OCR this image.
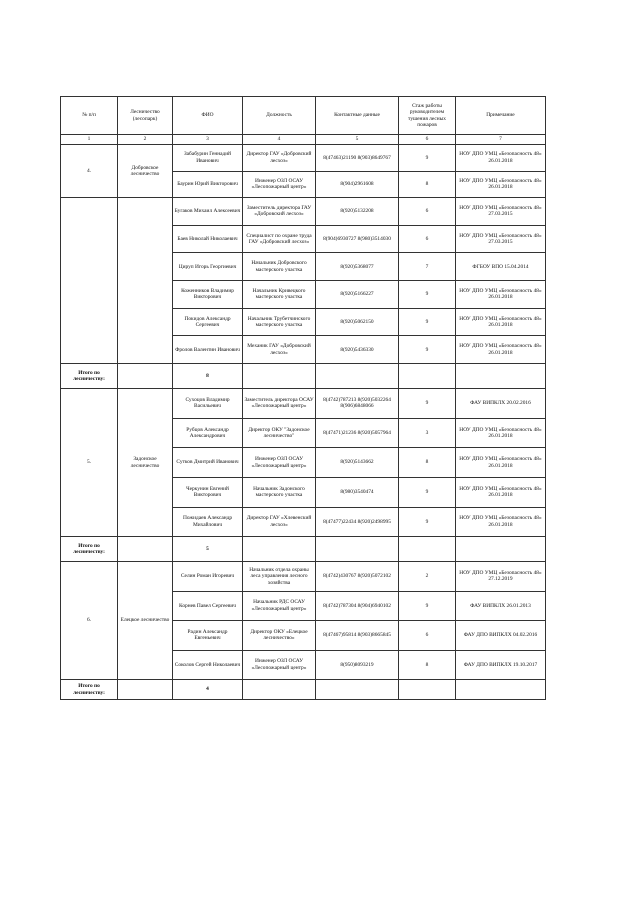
№ п/п	Лесничество (лесопарк)	ФИО	Должность	Контактные данные	Стаж работы руководителем тушения лесных пожаров	Примечание
1	2	3	4	5	6	7
4.	Добровское лесничество	Забабурин Геннадий Иванович	Директор ГАУ «Добровский лесхоз»	8(47463)21190 8(903)8649767	9	НОУ ДПО УМЦ «Безопасность 48» 26.01.2018
		Баурин Юрий Викторович	Инженер ОЗЛ ОСАУ «Лесопожарный центр»	8(904)2961608	8	НОУ ДПО УМЦ «Безопасность 48» 26.01.2018
		Бугаков Михаил Алексеевич	Заместитель директора ГАУ «Добровский лесхоз»	8(920)5132208	6	НОУ ДПО УМЦ «Безопасность 48» 27.03.2015
		Баев Николай Николаевич	Специалист по охране труда ГАУ «Добровский лесхоз»	8(904)6930727 8(980)3514030	6	НОУ ДПО УМЦ «Безопасность 48» 27.03.2015
		Цируп Игорь Георгиевич	Начальник Добровского мастерского участка	8(920)5368077	7	ФГБОУ ВПО 15.04.2014
		Коженников Владимир Викторович	Начальник Кривецкого мастерского участка	8(920)5166227	9	НОУ ДПО УМЦ «Безопасность 48» 26.01.2018
		Покидов Александр Сергеевич	Начальник Трубетчинского мастерского участка	8(920)5062150	9	НОУ ДПО УМЦ «Безопасность 48» 26.01.2018
		Фролов Валентин Иванович	Механик ГАУ «Добровский лесхоз»	8(920)5436330	9	НОУ ДПО УМЦ «Безопасность 48» 26.01.2018
Итого по лесничеству:		8				
5.	Задонское лесничество	Сухоцов Владимир Васильевич	Заместитель директора ОСАУ «Лесопожарный центр»	8(4742)787213 8(920)5032264 8(906)6848066	9	ФАУ ВИПКЛХ 20.02.2016
		Рубцов Александр Александрович	Директор ОКУ "Задонское лесничество"	8(47471)21236 8(920)5057964	3	НОУ ДПО УМЦ «Безопасность 48» 26.01.2018
		Сутков Дмитрий Иванович	Инженер ОЗЛ ОСАУ «Лесопожарный центр»	8(920)5143662	8	НОУ ДПО УМЦ «Безопасность 48» 26.01.2018
		Черкунин Евгений Викторович	Начальник Задонского мастерского участка	8(980)3540474	9	НОУ ДПО УМЦ «Безопасность 48» 26.01.2018
		Пожидаев Александр Михайлович	Директор ГАУ «Хлевенский лесхоз»	8(47477)22434 8(920)2498995	9	НОУ ДПО УМЦ «Безопасность 48» 26.01.2018
Итого по лесничеству:		5				
6.	Елецкое лесничество	Селин Роман Игоревич	Начальник отдела охраны леса управления лесного хозяйства	8(4742)430767 8(920)5072102	2	НОУ ДПО УМЦ «Безопасность 48» 27.12.2019
		Корнев Павел Сергеевич	Начальник РДС ОСАУ «Лесопожарный центр»	8(4742)787304 8(904)6940102	9	ФАУ ВИПКЛХ 26.01.2013
		Радин Александр Евгеньевич	Директор ОКУ «Елецкое лесничество»	8(47467)95814 8(903)8665845	6	ФАУ ДПО ВИПКЛХ 04.02.2016
		Соколов Сергей Николаевич	Инженер ОЗЛ ОСАУ «Лесопожарный центр»	8(950)8093219	8	ФАУ ДПО ВИПКЛХ 19.10.2017
Итого по лесничеству:		4				
